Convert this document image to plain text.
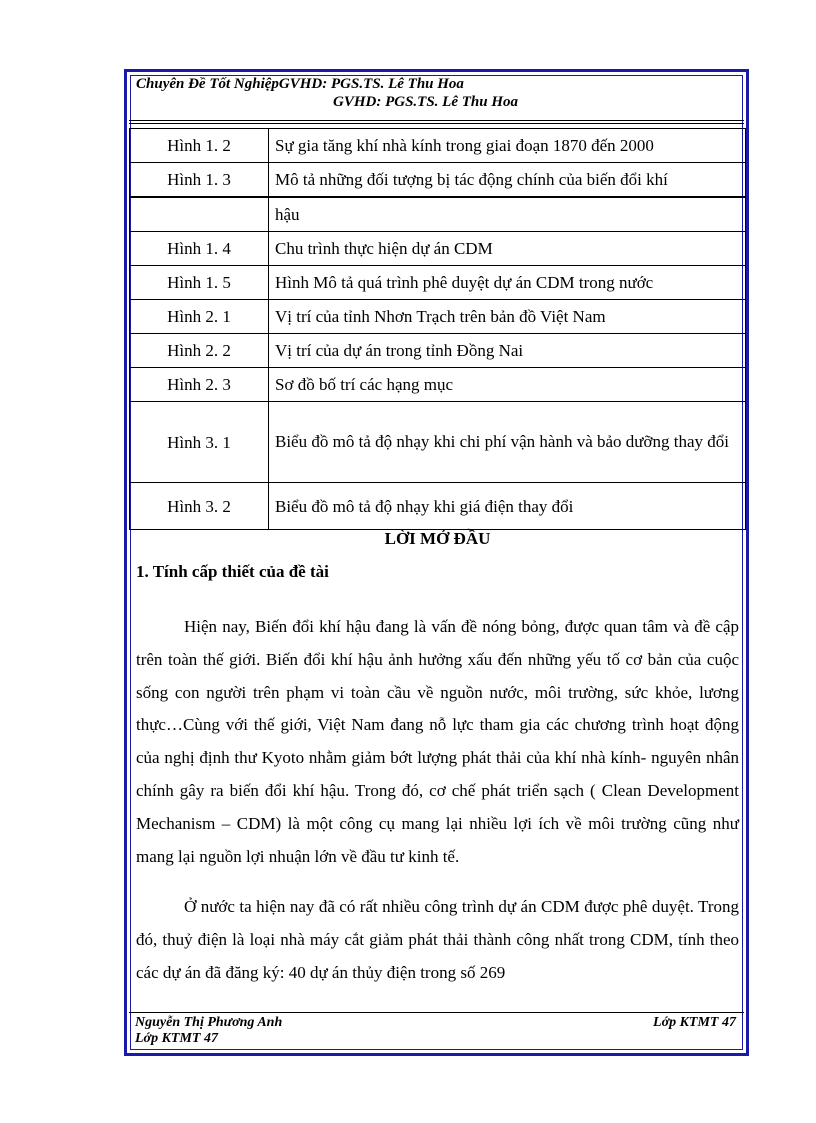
Chuyên Đề Tốt NghiệpGVHD: PGS.TS. Lê Thu Hoa
GVHD: PGS.TS. Lê Thu Hoa
Hình 1. 2	Sự gia tăng khí nhà kính trong giai đoạn 1870 đến 2000
Hình 1. 3	Mô tả những đối tượng bị tác động chính của biến đổi khí
	hậu
Hình 1. 4	Chu trình thực hiện dự án CDM
Hình 1. 5	Hình Mô tả quá trình phê duyệt dự án CDM trong nước
Hình 2. 1	Vị trí của tỉnh Nhơn Trạch trên bản đồ Việt Nam
Hình 2. 2	Vị trí của dự án trong tỉnh Đồng Nai
Hình 2. 3	Sơ đồ bố trí các hạng mục
Hình 3. 1	Biểu đồ mô tả độ nhạy khi chi phí vận hành và bảo dưỡng thay đổi
Hình 3. 2	Biểu đồ mô tả độ nhạy khi giá điện thay đổi

LỜI MỞ ĐẦU

1. Tính cấp thiết của đề tài

Hiện nay, Biến đổi khí hậu đang là vấn đề nóng bỏng, được quan tâm và đề cập trên toàn thế giới. Biến đổi khí hậu ảnh hưởng xấu đến những yếu tố cơ bản của cuộc sống con người trên phạm vi toàn cầu về nguồn nước, môi trường, sức khỏe, lương thực…Cùng với thế giới, Việt Nam đang nỗ lực tham gia các chương trình hoạt động của nghị định thư Kyoto nhằm giảm bớt lượng phát thải của khí nhà kính- nguyên nhân chính gây ra biến đổi khí hậu. Trong đó, cơ chế phát triển sạch ( Clean Development Mechanism – CDM) là một công cụ mang lại nhiều lợi ích về môi trường cũng như mang lại nguồn lợi nhuận lớn về đầu tư kinh tế.

Ở nước ta hiện nay đã có rất nhiều công trình dự án CDM được phê duyệt. Trong đó, thuỷ điện là loại nhà máy cắt giảm phát thải thành công nhất trong CDM, tính theo các dự án đã đăng ký: 40 dự án thủy điện trong số 269

Nguyễn Thị Phương Anh	Lớp KTMT 47
Lớp KTMT 47
